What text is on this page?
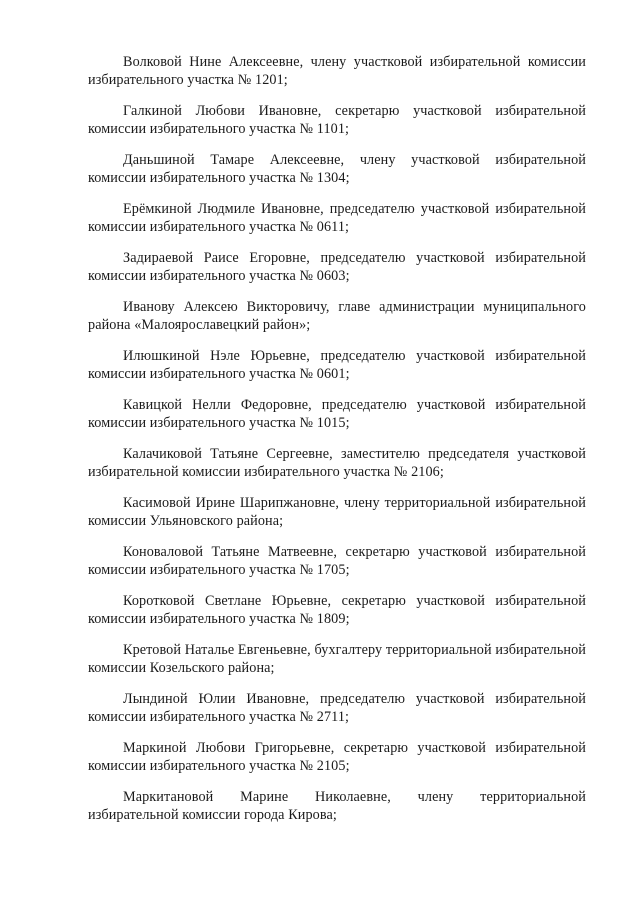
Волковой Нине Алексеевне, члену участковой избирательной комиссии избирательного участка № 1201;

Галкиной Любови Ивановне, секретарю участковой избирательной комиссии избирательного участка № 1101;

Даньшиной Тамаре Алексеевне, члену участковой избирательной комиссии избирательного участка № 1304;

Ерёмкиной Людмиле Ивановне, председателю участковой избирательной комиссии избирательного участка № 0611;

Задираевой Раисе Егоровне, председателю участковой избирательной комиссии избирательного участка № 0603;

Иванову Алексею Викторовичу, главе администрации муниципального района «Малоярославецкий район»;

Илюшкиной Нэле Юрьевне, председателю участковой избирательной комиссии избирательного участка № 0601;

Кавицкой Нелли Федоровне, председателю участковой избирательной комиссии избирательного участка № 1015;

Калачиковой Татьяне Сергеевне, заместителю председателя участковой избирательной комиссии избирательного участка № 2106;

Касимовой Ирине Шарипжановне, члену территориальной избирательной комиссии Ульяновского района;

Коноваловой Татьяне Матвеевне, секретарю участковой избирательной комиссии избирательного участка № 1705;

Коротковой Светлане Юрьевне, секретарю участковой избирательной комиссии избирательного участка № 1809;

Кретовой Наталье Евгеньевне, бухгалтеру территориальной избирательной комиссии Козельского района;

Лындиной Юлии Ивановне, председателю участковой избирательной комиссии избирательного участка № 2711;

Маркиной Любови Григорьевне, секретарю участковой избирательной комиссии избирательного участка № 2105;

Маркитановой Марине Николаевне, члену территориальной избирательной комиссии города Кирова;
